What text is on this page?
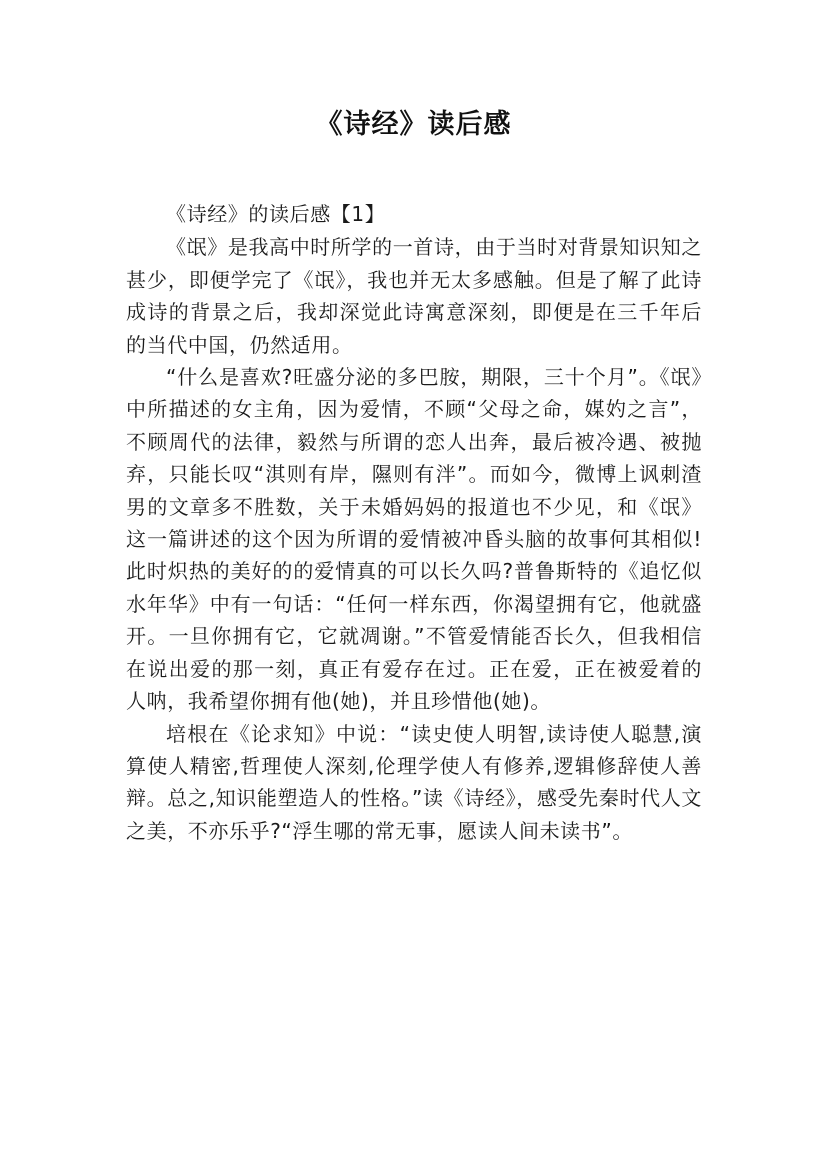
《诗经》读后感

《诗经》的读后感【1】

《氓》是我高中时所学的一首诗，由于当时对背景知识知之甚少，即便学完了《氓》，我也并无太多感触。但是了解了此诗成诗的背景之后，我却深觉此诗寓意深刻，即便是在三千年后的当代中国，仍然适用。

“什么是喜欢?旺盛分泌的多巴胺，期限，三十个月”。《氓》中所描述的女主角，因为爱情，不顾“父母之命，媒妁之言”，不顾周代的法律，毅然与所谓的恋人出奔，最后被冷遇、被抛弃，只能长叹“淇则有岸，隰则有泮”。而如今，微博上讽刺渣男的文章多不胜数，关于未婚妈妈的报道也不少见，和《氓》这一篇讲述的这个因为所谓的爱情被冲昏头脑的故事何其相似!此时炽热的美好的的爱情真的可以长久吗?普鲁斯特的《追忆似水年华》中有一句话：“任何一样东西，你渴望拥有它，他就盛开。一旦你拥有它，它就凋谢。”不管爱情能否长久，但我相信在说出爱的那一刻，真正有爱存在过。正在爱，正在被爱着的人呐，我希望你拥有他(她)，并且珍惜他(她)。

培根在《论求知》中说：“读史使人明智,读诗使人聪慧,演算使人精密,哲理使人深刻,伦理学使人有修养,逻辑修辞使人善辩。总之,知识能塑造人的性格。”读《诗经》，感受先秦时代人文之美，不亦乐乎?“浮生哪的常无事，愿读人间未读书”。
